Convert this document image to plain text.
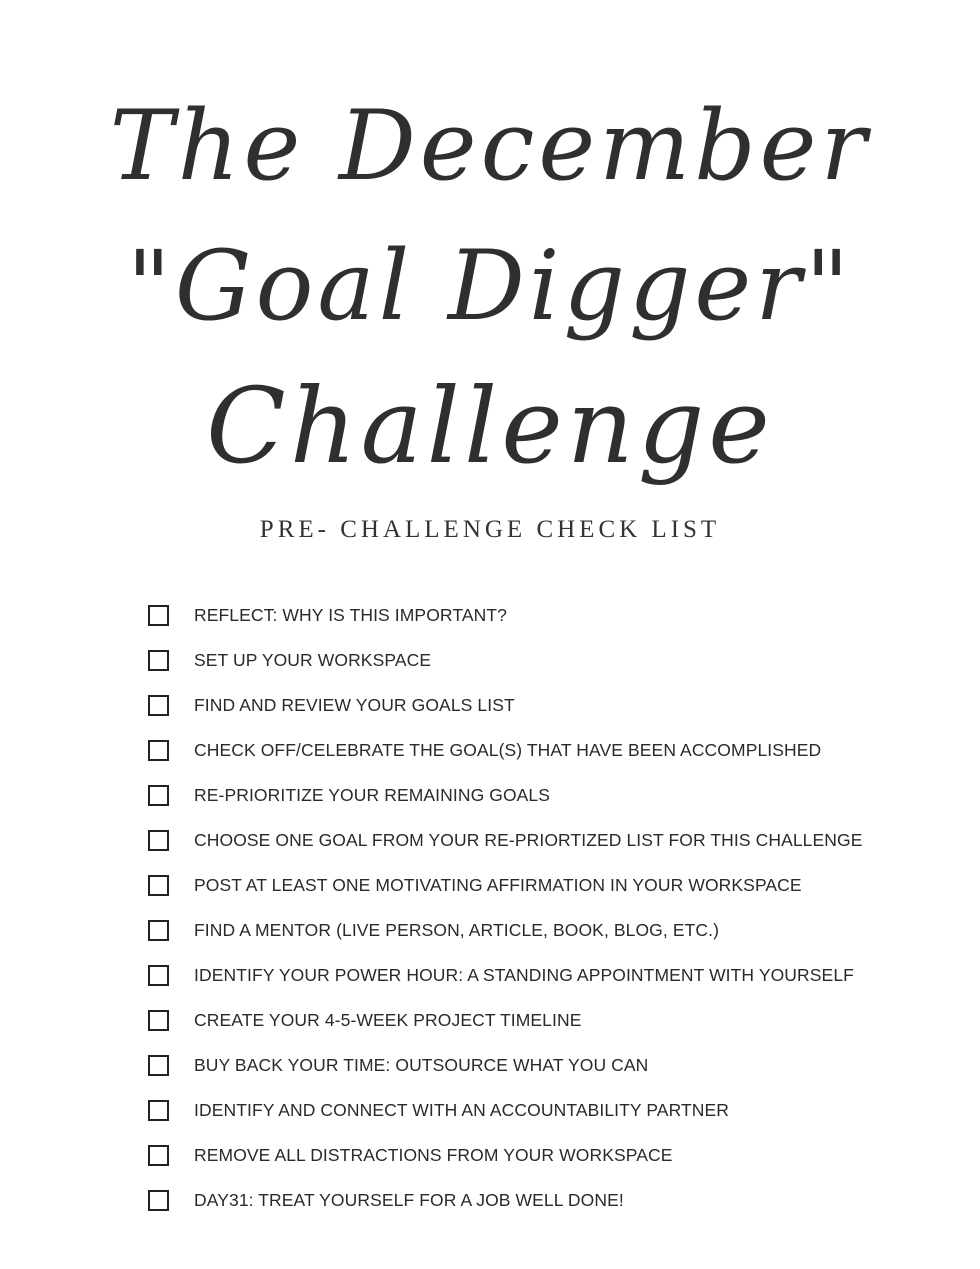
The December
"Goal Digger"
Challenge
PRE- CHALLENGE CHECK LIST
REFLECT: WHY IS THIS IMPORTANT?
SET UP YOUR WORKSPACE
FIND AND REVIEW YOUR GOALS LIST
CHECK OFF/CELEBRATE THE GOAL(S) THAT HAVE BEEN ACCOMPLISHED
RE-PRIORITIZE YOUR REMAINING GOALS
CHOOSE ONE GOAL FROM YOUR RE-PRIORTIZED LIST FOR THIS CHALLENGE
POST AT LEAST ONE MOTIVATING AFFIRMATION IN YOUR WORKSPACE
FIND A MENTOR (LIVE PERSON, ARTICLE, BOOK, BLOG, ETC.)
IDENTIFY YOUR POWER HOUR: A STANDING APPOINTMENT WITH YOURSELF
CREATE YOUR 4-5-WEEK PROJECT TIMELINE
BUY BACK YOUR TIME: OUTSOURCE WHAT YOU CAN
IDENTIFY AND CONNECT WITH AN ACCOUNTABILITY PARTNER
REMOVE ALL DISTRACTIONS FROM YOUR WORKSPACE
DAY31: TREAT YOURSELF FOR A JOB WELL DONE!
